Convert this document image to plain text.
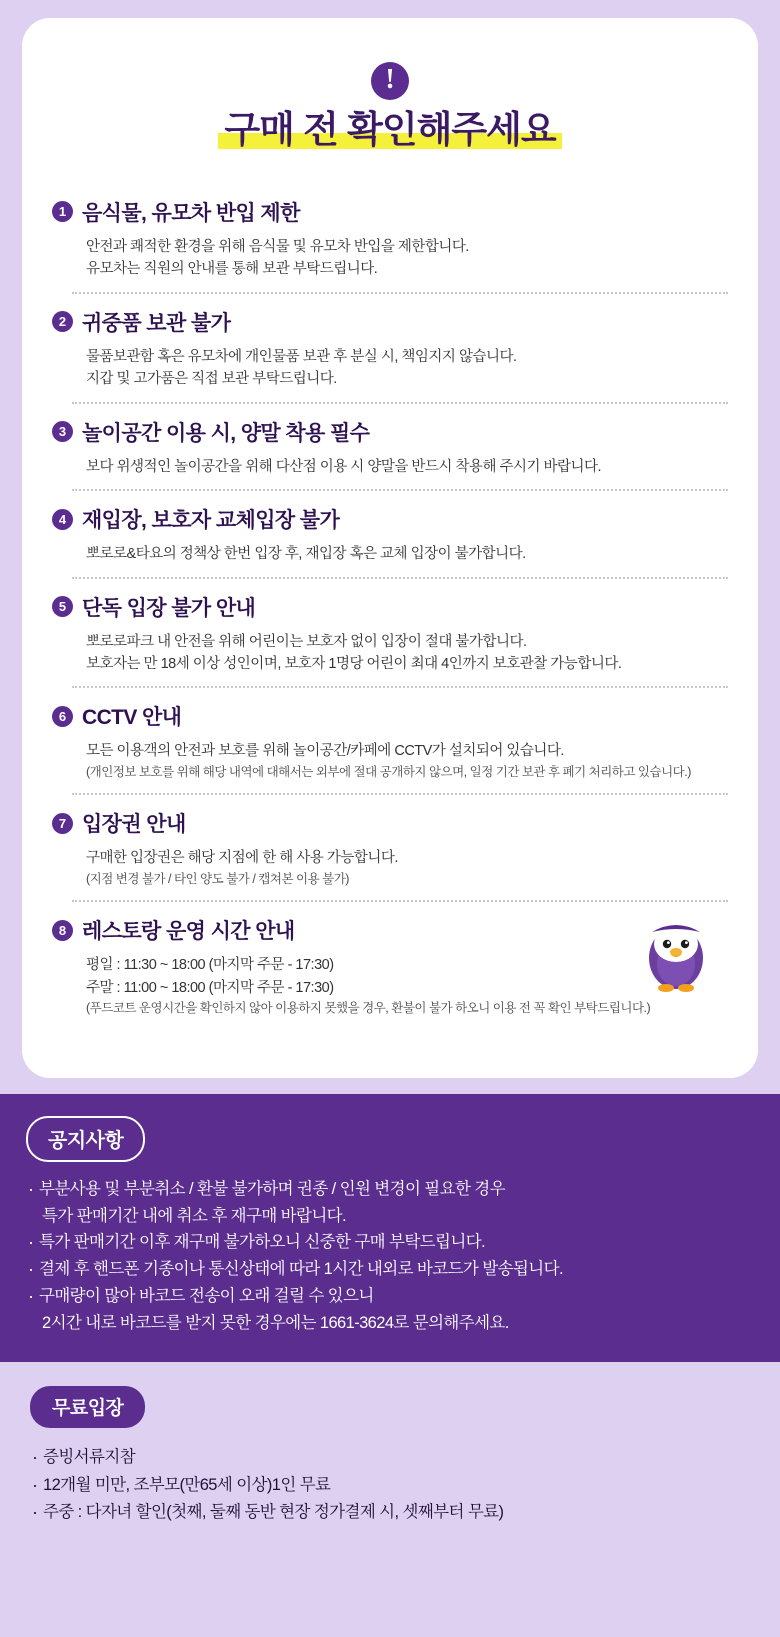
!
구매 전 확인해주세요
1 음식물, 유모차 반입 제한
안전과 쾌적한 환경을 위해 음식물 및 유모차 반입을 제한합니다.
유모차는 직원의 안내를 통해 보관 부탁드립니다.
2 귀중품 보관 불가
물품보관함 혹은 유모차에 개인물품 보관 후 분실 시, 책임지지 않습니다.
지갑 및 고가품은 직접 보관 부탁드립니다.
3 놀이공간 이용 시, 양말 착용 필수
보다 위생적인 놀이공간을 위해 다산점 이용 시 양말을 반드시 착용해 주시기 바랍니다.
4 재입장, 보호자 교체입장 불가
뽀로로&타요의 정책상 한번 입장 후, 재입장 혹은 교체 입장이 불가합니다.
5 단독 입장 불가 안내
뽀로로파크 내 안전을 위해 어린이는 보호자 없이 입장이 절대 불가합니다.
보호자는 만 18세 이상 성인이며, 보호자 1명당 어린이 최대 4인까지 보호관찰 가능합니다.
6 CCTV 안내
모든 이용객의 안전과 보호를 위해 놀이공간/카페에 CCTV가 설치되어 있습니다.
(개인정보 보호를 위해 해당 내역에 대해서는 외부에 절대 공개하지 않으며, 일정 기간 보관 후 폐기 처리하고 있습니다.)
7 입장권 안내
구매한 입장권은 해당 지점에 한 해 사용 가능합니다.
(지점 변경 불가 / 타인 양도 불가 / 캡쳐본 이용 불가)
8 레스토랑 운영 시간 안내
평일 : 11:30 ~ 18:00 (마지막 주문 - 17:30)
주말 : 11:00 ~ 18:00 (마지막 주문 - 17:30)
(푸드코트 운영시간을 확인하지 않아 이용하지 못했을 경우, 환불이 불가 하오니 이용 전 꼭 확인 부탁드립니다.)
공지사항
· 부분사용 및 부분취소 / 환불 불가하며 권종 / 인원 변경이 필요한 경우
특가 판매기간 내에 취소 후 재구매 바랍니다.
· 특가 판매기간 이후 재구매 불가하오니 신중한 구매 부탁드립니다.
· 결제 후 핸드폰 기종이나 통신상태에 따라 1시간 내외로 바코드가 발송됩니다.
· 구매량이 많아 바코드 전송이 오래 걸릴 수 있으니
2시간 내로 바코드를 받지 못한 경우에는 1661-3624로 문의해주세요.
무료입장
· 증빙서류지참
· 12개월 미만, 조부모(만65세 이상)1인 무료
· 주중 : 다자녀 할인(첫째, 둘째 동반 현장 정가결제 시, 셋째부터 무료)
